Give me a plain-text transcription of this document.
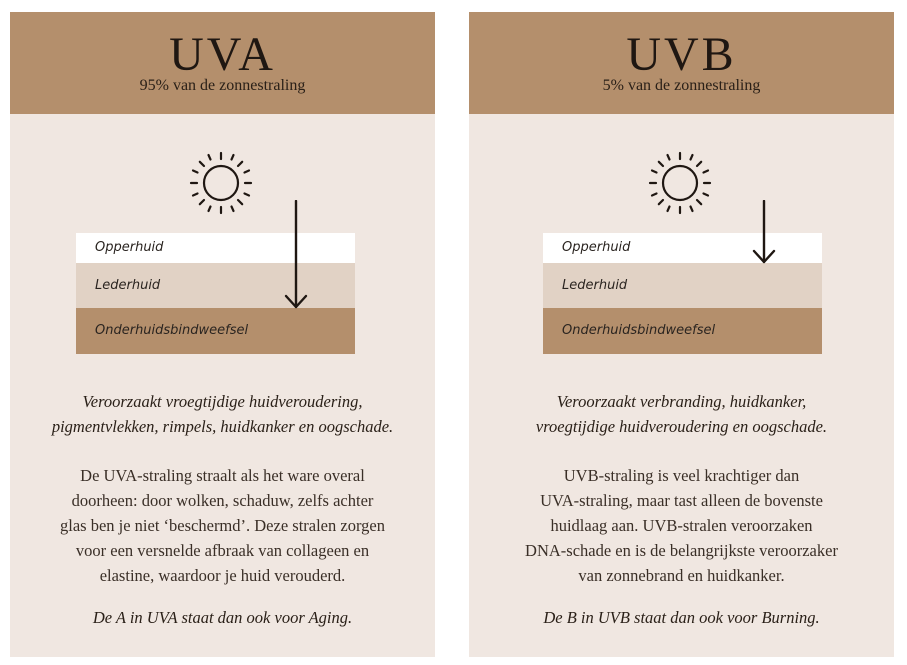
UVA
95% van de zonnestraling
Opperhuid
Lederhuid
Onderhuidsbindweefsel
Veroorzaakt vroegtijdige huidveroudering,
pigmentvlekken, rimpels, huidkanker en oogschade.
De UVA-straling straalt als het ware overal
doorheen: door wolken, schaduw, zelfs achter
glas ben je niet ‘beschermd’. Deze stralen zorgen
voor een versnelde afbraak van collageen en
elastine, waardoor je huid verouderd.
De A in UVA staat dan ook voor Aging.
UVB
5% van de zonnestraling
Opperhuid
Lederhuid
Onderhuidsbindweefsel
Veroorzaakt verbranding, huidkanker,
vroegtijdige huidveroudering en oogschade.
UVB-straling is veel krachtiger dan
UVA-straling, maar tast alleen de bovenste
huidlaag aan. UVB-stralen veroorzaken
DNA-schade en is de belangrijkste veroorzaker
van zonnebrand en huidkanker.
De B in UVB staat dan ook voor Burning.
